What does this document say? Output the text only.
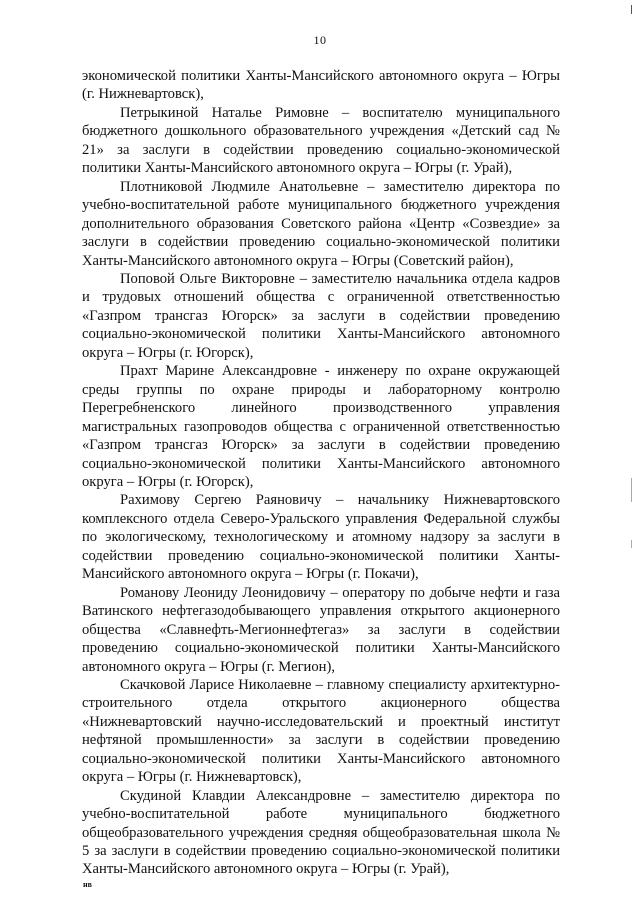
10

экономической политики Ханты-Мансийского автономного округа – Югры (г. Нижневартовск),

Петрыкиной Наталье Римовне – воспитателю муниципального бюджетного дошкольного образовательного учреждения «Детский сад № 21» за заслуги в содействии проведению социально-экономической политики Ханты-Мансийского автономного округа – Югры (г. Урай),

Плотниковой Людмиле Анатольевне – заместителю директора по учебно-воспитательной работе муниципального бюджетного учреждения дополнительного образования Советского района «Центр «Созвездие» за заслуги в содействии проведению социально-экономической политики Ханты-Мансийского автономного округа – Югры (Советский район),

Поповой Ольге Викторовне – заместителю начальника отдела кадров и трудовых отношений общества с ограниченной ответственностью «Газпром трансгаз Югорск» за заслуги в содействии проведению социально-экономической политики Ханты-Мансийского автономного округа – Югры (г. Югорск),

Прахт Марине Александровне - инженеру по охране окружающей среды группы по охране природы и лабораторному контролю Перегребненского линейного производственного управления магистральных газопроводов общества с ограниченной ответственностью «Газпром трансгаз Югорск» за заслуги в содействии проведению социально-экономической политики Ханты-Мансийского автономного округа – Югры (г. Югорск),

Рахимову Сергею Раяновичу – начальнику Нижневартовского комплексного отдела Северо-Уральского управления Федеральной службы по экологическому, технологическому и атомному надзору за заслуги в содействии проведению социально-экономической политики Ханты-Мансийского автономного округа – Югры (г. Покачи),

Романову Леониду Леонидовичу – оператору по добыче нефти и газа Ватинского нефтегазодобывающего управления открытого акционерного общества «Славнефть-Мегионнефтегаз» за заслуги в содействии проведению социально-экономической политики Ханты-Мансийского автономного округа – Югры (г. Мегион),

Скачковой Ларисе Николаевне – главному специалисту архитектурно-строительного отдела открытого акционерного общества «Нижневартовский научно-исследовательский и проектный институт нефтяной промышленности» за заслуги в содействии проведению социально-экономической политики Ханты-Мансийского автономного округа – Югры (г. Нижневартовск),

Скудиной Клавдии Александровне – заместителю директора по учебно-воспитательной работе муниципального бюджетного общеобразовательного учреждения средняя общеобразовательная школа № 5 за заслуги в содействии проведению социально-экономической политики Ханты-Мансийского автономного округа – Югры (г. Урай),

нв
